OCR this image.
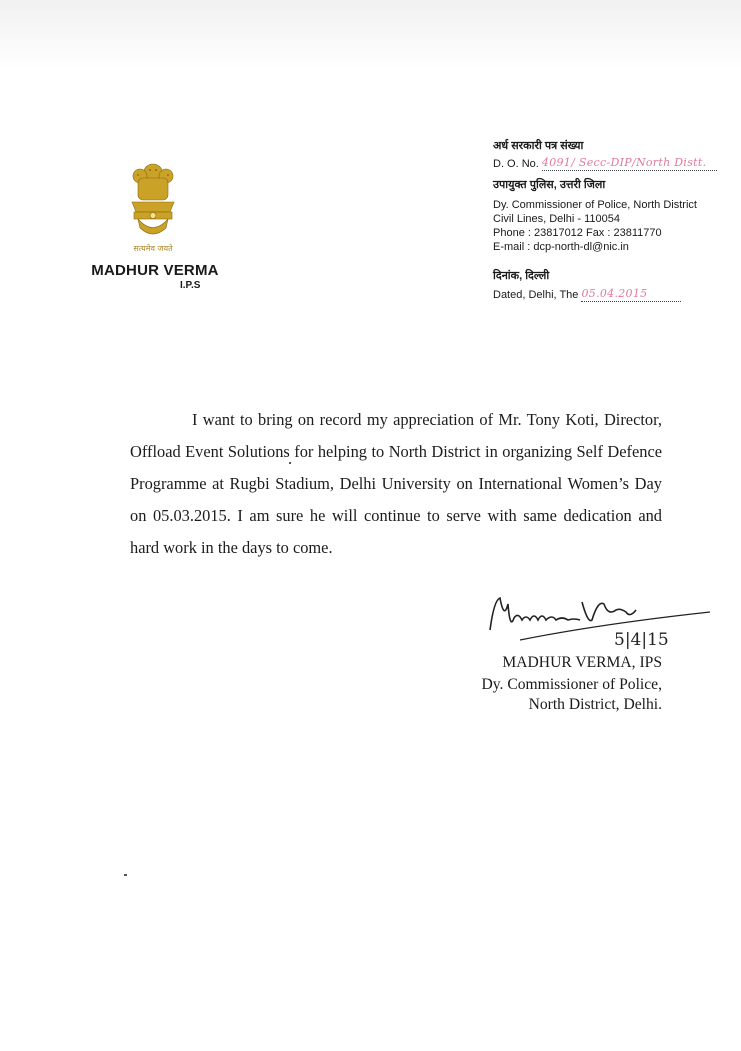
सत्यमेव जयते
MADHUR VERMA
I.P.S
अर्ध सरकारी पत्र संख्या
D. O. No. 4091/ Secc-DIP/North Distt.
उपायुक्त पुलिस, उत्तरी जिला
Dy. Commissioner of Police, North District
Civil Lines, Delhi - 110054
Phone : 23817012 Fax : 23811770
E-mail : dcp-north-dl@nic.in
दिनांक, दिल्ली
Dated, Delhi, The 05.04.2015
I want to bring on record my appreciation of Mr. Tony Koti, Director, Offload Event Solutions for helping to North District in organizing Self Defence Programme at Rugbi Stadium, Delhi University on International Women’s Day on 05.03.2015. I am sure he will continue to serve with same dedication and hard work in the days to come.
5|4|15
MADHUR VERMA, IPS
Dy. Commissioner of Police,
North District, Delhi.
